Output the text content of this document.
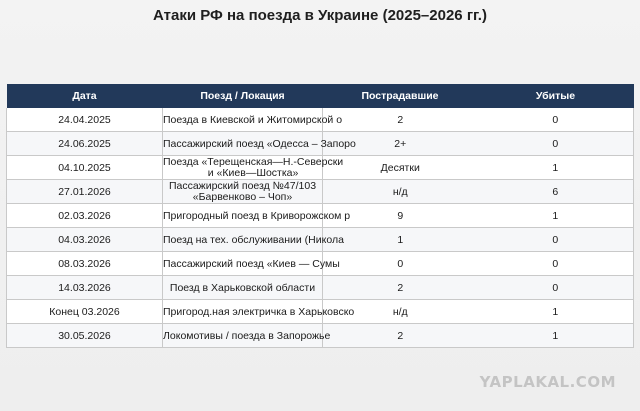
Атаки РФ на поезда в Украине (2025–2026 гг.)
Дата	Поезд / Локация	Пострадавшие	Убитые
24.04.2025	Поезда в Киевской и Житомирской о	2	0
24.06.2025	Пассажирский поезд «Одесса – Запоро	2+	0
04.10.2025	Поезда «Терещенская—Н.-Северски
и «Киев—Шостка»	Десятки	1
27.01.2026	Пассажирский поезд №47/103
«Барвенково – Чоп»	н/д	6
02.03.2026	Пригородный поезд в Криворожском р	9	1
04.03.2026	Поезд на тех. обслуживании (Никола	1	0
08.03.2026	Пассажирский поезд «Киев — Сумы	0	0
14.03.2026	Поезд в Харьковской области	2	0
Конец 03.2026	Пригород.ная электричка в Харьковско	н/д	1
30.05.2026	Локомотивы / поезда в Запорожье	2	1
YAPLAKAL.COM
